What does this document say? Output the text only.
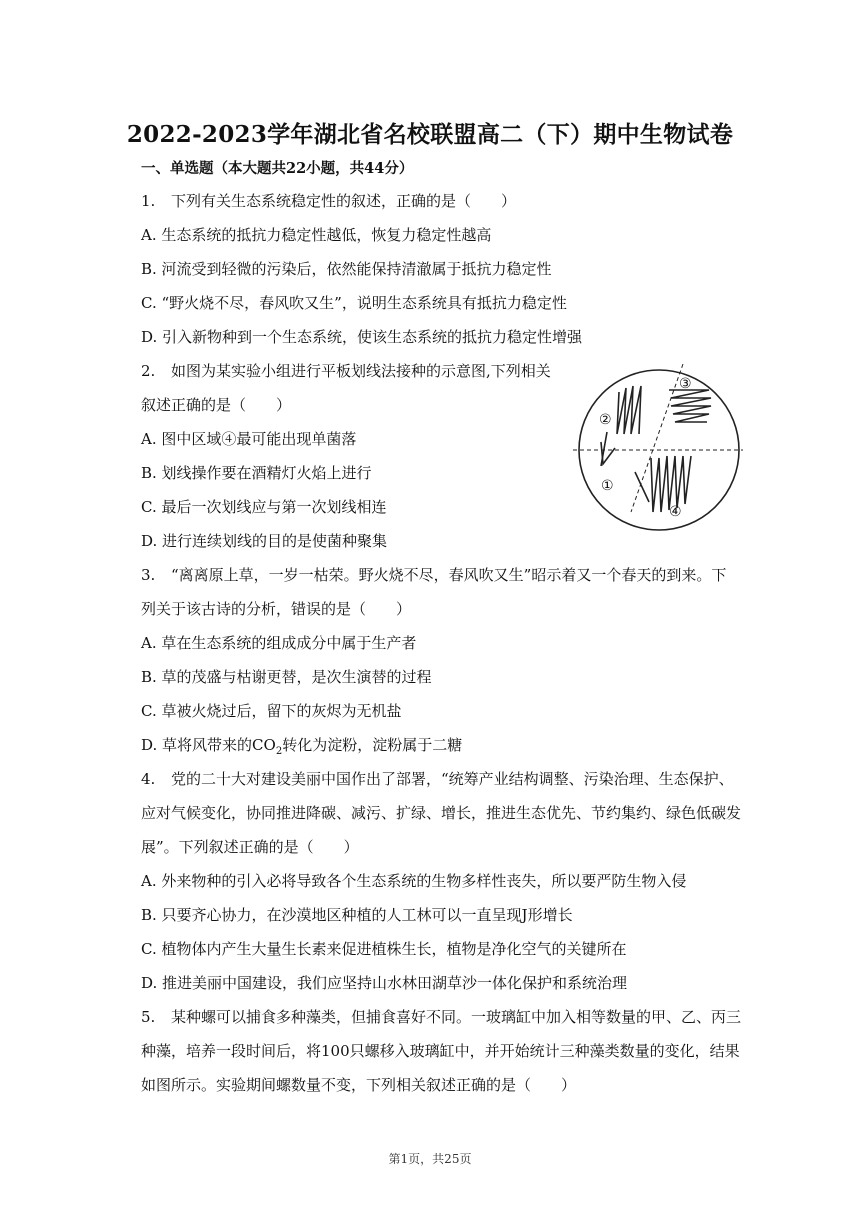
2022-2023学年湖北省名校联盟高二（下）期中生物试卷
一、单选题（本大题共22小题，共44分）
1. 下列有关生态系统稳定性的叙述，正确的是（　　）
A. 生态系统的抵抗力稳定性越低，恢复力稳定性越高
B. 河流受到轻微的污染后，依然能保持清澈属于抵抗力稳定性
C. “野火烧不尽，春风吹又生”，说明生态系统具有抵抗力稳定性
D. 引入新物种到一个生态系统，使该生态系统的抵抗力稳定性增强
2. 如图为某实验小组进行平板划线法接种的示意图,下列相关
叙述正确的是（　　）
A. 图中区域④最可能出现单菌落
B. 划线操作要在酒精灯火焰上进行
C. 最后一次划线应与第一次划线相连
D. 进行连续划线的目的是使菌种聚集
②
③
①
④
3. “离离原上草，一岁一枯荣。野火烧不尽，春风吹又生”昭示着又一个春天的到来。下
列关于该古诗的分析，错误的是（　　）
A. 草在生态系统的组成成分中属于生产者
B. 草的茂盛与枯谢更替，是次生演替的过程
C. 草被火烧过后，留下的灰烬为无机盐
D. 草将风带来的$CO_2$转化为淀粉，淀粉属于二糖
4. 党的二十大对建设美丽中国作出了部署，“统筹产业结构调整、污染治理、生态保护、
应对气候变化，协同推进降碳、减污、扩绿、增长，推进生态优先、节约集约、绿色低碳发
展”。下列叙述正确的是（　　）
A. 外来物种的引入必将导致各个生态系统的生物多样性丧失，所以要严防生物入侵
B. 只要齐心协力，在沙漠地区种植的人工林可以一直呈现J形增长
C. 植物体内产生大量生长素来促进植株生长，植物是净化空气的关键所在
D. 推进美丽中国建设，我们应坚持山水林田湖草沙一体化保护和系统治理
5. 某种螺可以捕食多种藻类，但捕食喜好不同。一玻璃缸中加入相等数量的甲、乙、丙三
种藻，培养一段时间后，将100只螺移入玻璃缸中，并开始统计三种藻类数量的变化，结果
如图所示。实验期间螺数量不变，下列相关叙述正确的是（　　）
第1页，共25页
